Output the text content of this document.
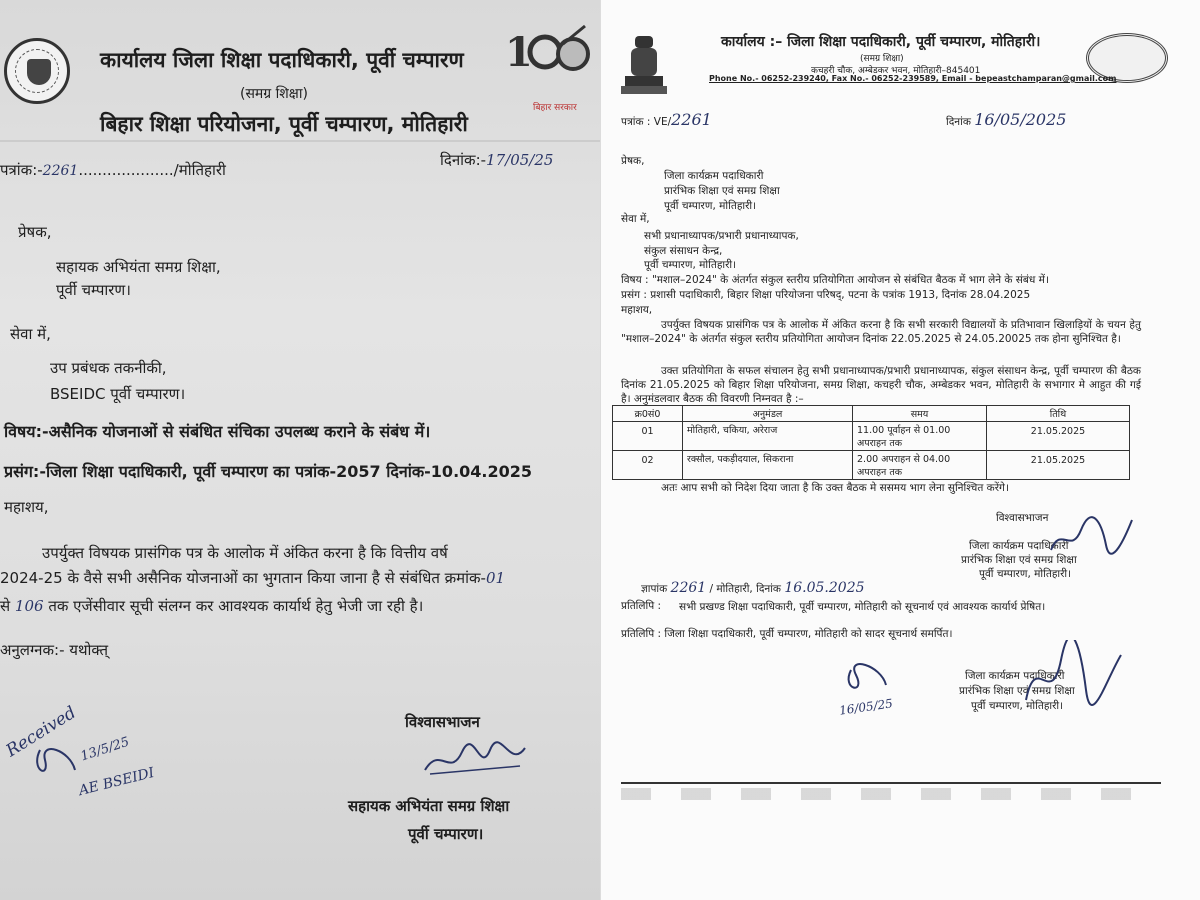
1
बिहार सरकार
कार्यालय जिला शिक्षा पदाधिकारी, पूर्वी चम्पारण
(समग्र शिक्षा)
बिहार शिक्षा परियोजना, पूर्वी चम्पारण, मोतिहारी
पत्रांक:-2261..................../मोतिहारी
दिनांक:-17/05/25
प्रेषक,
सहायक अभियंता समग्र शिक्षा,
पूर्वी चम्पारण।
सेवा में,
उप प्रबंधक तकनीकी,
BSEIDC पूर्वी चम्पारण।
विषय:-असैनिक योजनाओं से संबंधित संचिका उपलब्ध कराने के संबंध में।
प्रसंग:-जिला शिक्षा पदाधिकारी, पूर्वी चम्पारण का पत्रांक-2057 दिनांक-10.04.2025
महाशय,
उपर्युक्त विषयक प्रासंगिक पत्र के आलोक में अंकित करना है कि वित्तीय वर्ष
2024-25 के वैसे सभी असैनिक योजनाओं का भुगतान किया जाना है से संबंधित क्रमांक-01
से 106 तक एजेंसीवार सूची संलग्न कर आवश्यक कार्यार्थ हेतु भेजी जा रही है।
अनुलग्नक:- यथोक्त्
विश्वासभाजन
सहायक अभियंता समग्र शिक्षा
पूर्वी चम्पारण।
Received 13/5/25
AE BSEIDI
कार्यालय :– जिला शिक्षा पदाधिकारी, पूर्वी चम्पारण, मोतिहारी।
(समग्र शिक्षा)
कचहरी चौक, अम्बेडकर भवन, मोतिहारी–845401
Phone No.- 06252-239240, Fax No.- 06252-239589, Email - bepeastchamparan@gmail.com
पत्रांक : VE/2261	दिनांक 16/05/2025
प्रेषक,
जिला कार्यक्रम पदाधिकारी
प्रारंभिक शिक्षा एवं समग्र शिक्षा
पूर्वी चम्पारण, मोतिहारी।
सेवा में,
सभी प्रधानाध्यापक/प्रभारी प्रधानाध्यापक,
संकुल संसाधन केन्द्र,
पूर्वी चम्पारण, मोतिहारी।
विषय : "मशाल–2024" के अंतर्गत संकुल स्तरीय प्रतियोगिता आयोजन से संबंधित बैठक में भाग लेने के संबंध में।
प्रसंग : प्रशासी पदाधिकारी, बिहार शिक्षा परियोजना परिषद्, पटना के पत्रांक 1913, दिनांक 28.04.2025
महाशय,
उपर्युक्त विषयक प्रासंगिक पत्र के आलोक में अंकित करना है कि सभी सरकारी विद्यालयों के प्रतिभावान खिलाड़ियों के चयन हेतु "मशाल–2024" के अंतर्गत संकुल स्तरीय प्रतियोगिता आयोजन दिनांक 22.05.2025 से 24.05.20025 तक होना सुनिश्चित है।
उक्त प्रतियोगिता के सफल संचालन हेतु सभी प्रधानाध्यापक/प्रभारी प्रधानाध्यापक, संकुल संसाधन केन्द्र, पूर्वी चम्पारण की बैठक दिनांक 21.05.2025 को बिहार शिक्षा परियोजना, समग्र शिक्षा, कचहरी चौक, अम्बेडकर भवन, मोतिहारी के सभागार मे आहुत की गई है। अनुमंडलवार बैठक की विवरणी निम्नवत है :–
क्र0सं0	अनुमंडल	समय	तिथि
01	मोतिहारी, चकिया, अरेराज	11.00 पूर्वाहन से 01.00 अपराहन तक	21.05.2025
02	रक्सौल, पकड़ीदयाल, सिकराना	2.00 अपराहन से 04.00 अपराहन तक	21.05.2025
अतः आप सभी को निदेश दिया जाता है कि उक्त बैठक मे ससमय भाग लेना सुनिश्चित करेंगे।
विश्वासभाजन
जिला कार्यक्रम पदाधिकारी
प्रारंभिक शिक्षा एवं समग्र शिक्षा
पूर्वी चम्पारण, मोतिहारी।
ज्ञापांक 2261 / मोतिहारी, दिनांक 16.05.2025
प्रतिलिपि : सभी प्रखण्ड शिक्षा पदाधिकारी, पूर्वी चम्पारण, मोतिहारी को सूचनार्थ एवं आवश्यक कार्यार्थ प्रेषित।
प्रतिलिपि : जिला शिक्षा पदाधिकारी, पूर्वी चम्पारण, मोतिहारी को सादर सूचनार्थ समर्पित।
जिला कार्यक्रम पदाधिकारी
प्रारंभिक शिक्षा एवं समग्र शिक्षा
पूर्वी चम्पारण, मोतिहारी।
16/05/25
